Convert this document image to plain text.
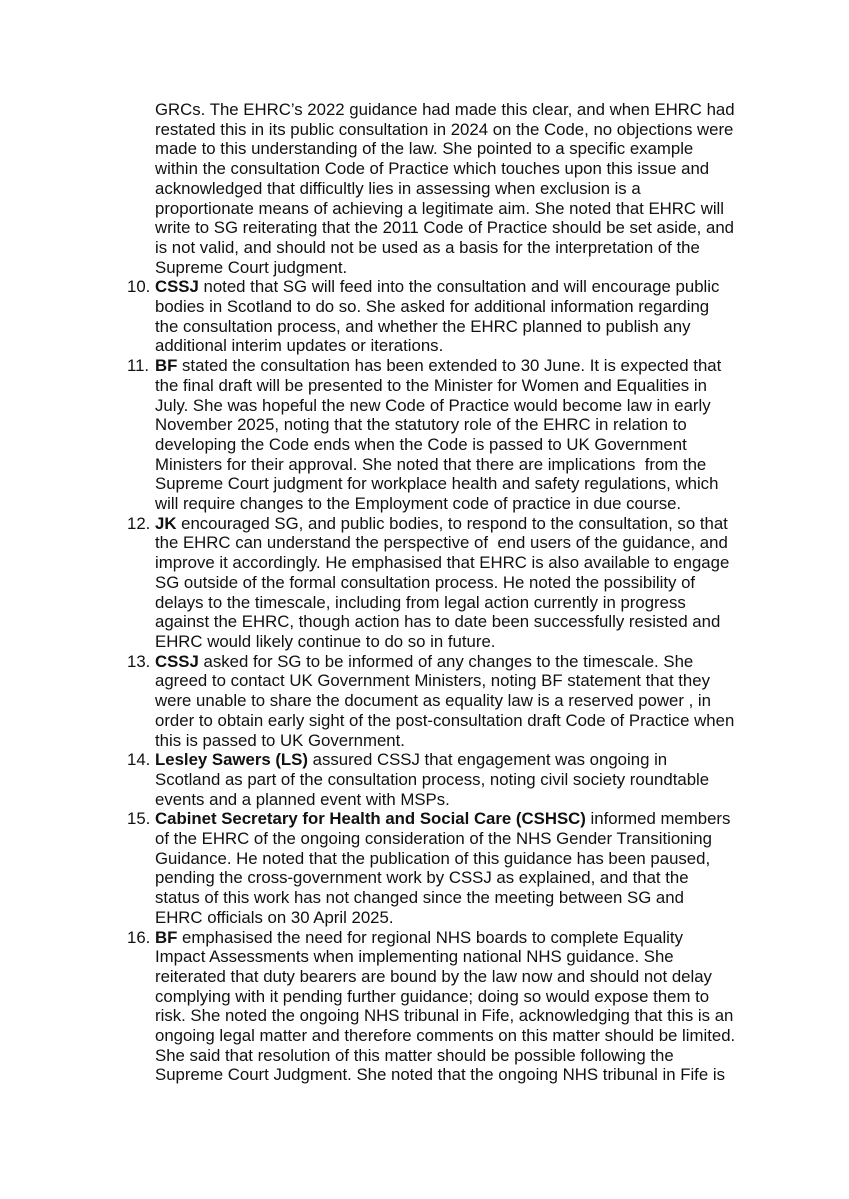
GRCs. The EHRC’s 2022 guidance had made this clear, and when EHRC had
restated this in its public consultation in 2024 on the Code, no objections were
made to this understanding of the law. She pointed to a specific example
within the consultation Code of Practice which touches upon this issue and
acknowledged that difficultly lies in assessing when exclusion is a
proportionate means of achieving a legitimate aim. She noted that EHRC will
write to SG reiterating that the 2011 Code of Practice should be set aside, and
is not valid, and should not be used as a basis for the interpretation of the
Supreme Court judgment.
10. CSSJ noted that SG will feed into the consultation and will encourage public
bodies in Scotland to do so. She asked for additional information regarding
the consultation process, and whether the EHRC planned to publish any
additional interim updates or iterations.
11. BF stated the consultation has been extended to 30 June. It is expected that
the final draft will be presented to the Minister for Women and Equalities in
July. She was hopeful the new Code of Practice would become law in early
November 2025, noting that the statutory role of the EHRC in relation to
developing the Code ends when the Code is passed to UK Government
Ministers for their approval. She noted that there are implications  from the
Supreme Court judgment for workplace health and safety regulations, which
will require changes to the Employment code of practice in due course.
12. JK encouraged SG, and public bodies, to respond to the consultation, so that
the EHRC can understand the perspective of  end users of the guidance, and
improve it accordingly. He emphasised that EHRC is also available to engage
SG outside of the formal consultation process. He noted the possibility of
delays to the timescale, including from legal action currently in progress
against the EHRC, though action has to date been successfully resisted and
EHRC would likely continue to do so in future.
13. CSSJ asked for SG to be informed of any changes to the timescale. She
agreed to contact UK Government Ministers, noting BF statement that they
were unable to share the document as equality law is a reserved power , in
order to obtain early sight of the post-consultation draft Code of Practice when
this is passed to UK Government.
14. Lesley Sawers (LS) assured CSSJ that engagement was ongoing in
Scotland as part of the consultation process, noting civil society roundtable
events and a planned event with MSPs.
15. Cabinet Secretary for Health and Social Care (CSHSC) informed members
of the EHRC of the ongoing consideration of the NHS Gender Transitioning
Guidance. He noted that the publication of this guidance has been paused,
pending the cross-government work by CSSJ as explained, and that the
status of this work has not changed since the meeting between SG and
EHRC officials on 30 April 2025.
16. BF emphasised the need for regional NHS boards to complete Equality
Impact Assessments when implementing national NHS guidance. She
reiterated that duty bearers are bound by the law now and should not delay
complying with it pending further guidance; doing so would expose them to
risk. She noted the ongoing NHS tribunal in Fife, acknowledging that this is an
ongoing legal matter and therefore comments on this matter should be limited.
She said that resolution of this matter should be possible following the
Supreme Court Judgment. She noted that the ongoing NHS tribunal in Fife is
